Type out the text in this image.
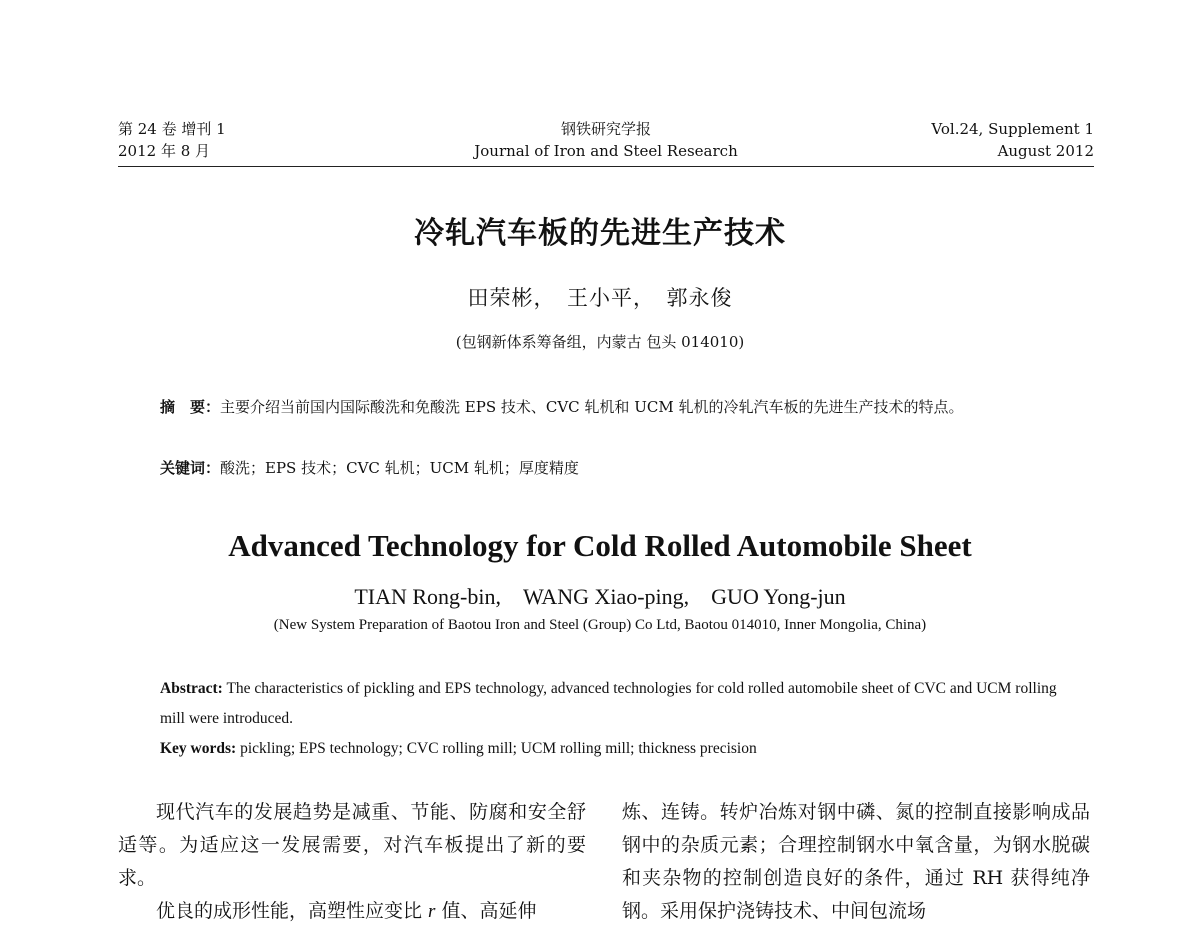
第 24 卷 增刊 1
2012 年 8 月
钢铁研究学报
Journal of Iron and Steel Research
Vol.24, Supplement 1
August 2012
冷轧汽车板的先进生产技术
田荣彬，　王小平，　郭永俊
(包钢新体系筹备组，内蒙古 包头 014010)
摘　要：主要介绍当前国内国际酸洗和免酸洗 EPS 技术、CVC 轧机和 UCM 轧机的冷轧汽车板的先进生产技术的特点。
关键词：酸洗；EPS 技术；CVC 轧机；UCM 轧机；厚度精度
Advanced Technology for Cold Rolled Automobile Sheet
TIAN Rong-bin,　WANG Xiao-ping,　GUO Yong-jun
(New System Preparation of Baotou Iron and Steel (Group) Co Ltd, Baotou 014010, Inner Mongolia, China)
Abstract: The characteristics of pickling and EPS technology, advanced technologies for cold rolled automobile sheet of CVC and UCM rolling mill were introduced.
Key words: pickling; EPS technology; CVC rolling mill; UCM rolling mill; thickness precision

现代汽车的发展趋势是减重、节能、防腐和安全舒适等。为适应这一发展需要，对汽车板提出了新的要求。

优良的成形性能，高塑性应变比 r 值、高延伸

炼、连铸。转炉冶炼对钢中磷、氮的控制直接影响成品钢中的杂质元素；合理控制钢水中氧含量，为钢水脱碳和夹杂物的控制创造良好的条件，通过 RH 获得纯净钢。采用保护浇铸技术、中间包流场
